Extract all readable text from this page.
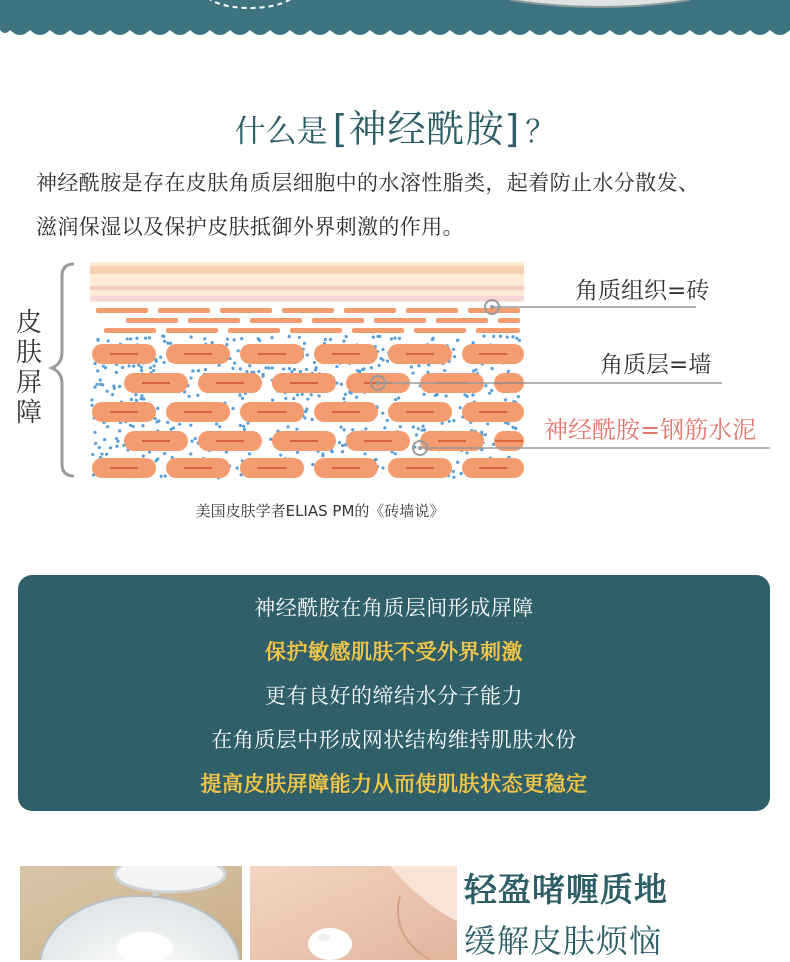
什么是 [神经酰胺] ？
神经酰胺是存在皮肤角质层细胞中的水溶性脂类，起着防止水分散发、
滋润保湿以及保护皮肤抵御外界刺激的作用。
皮肤屏障
角质组织=砖
角质层=墙
神经酰胺=钢筋水泥
美国皮肤学者ELIAS PM的《砖墙说》
神经酰胺在角质层间形成屏障
保护敏感肌肤不受外界刺激
更有良好的缔结水分子能力
在角质层中形成网状结构维持肌肤水份
提高皮肤屏障能力从而使肌肤状态更稳定
轻盈啫喱质地
缓解皮肤烦恼
